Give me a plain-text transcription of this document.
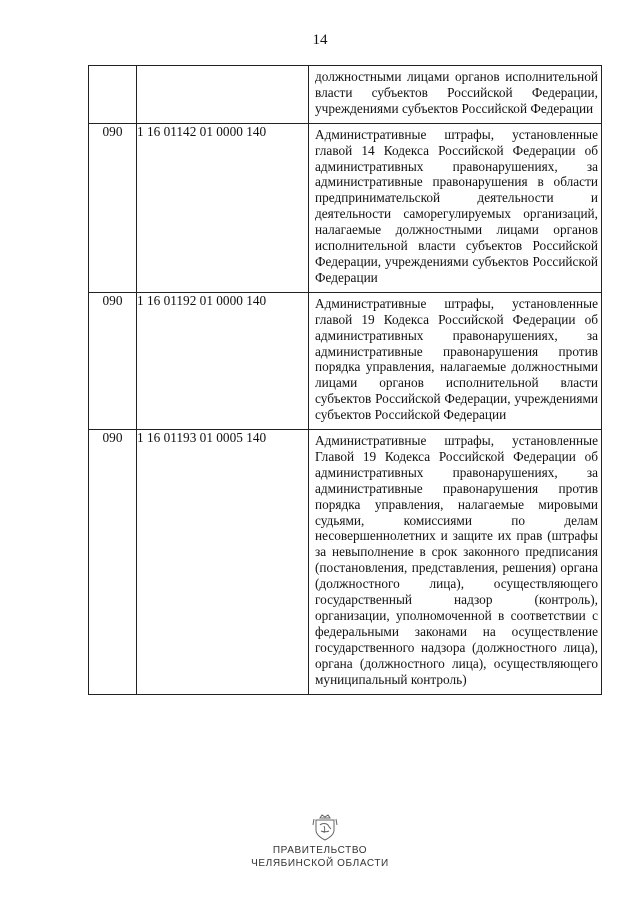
14
		должностными лицами органов исполнительной власти субъектов Российской Федерации, учреждениями субъектов Российской Федерации
090	1 16 01142 01 0000 140	Административные штрафы, установленные главой 14 Кодекса Российской Федерации об административных правонарушениях, за административные правонарушения в области предпринимательской деятельности и деятельности саморегулируемых организаций, налагаемые должностными лицами органов исполнительной власти субъектов Российской Федерации, учреждениями субъектов Российской Федерации
090	1 16 01192 01 0000 140	Административные штрафы, установленные главой 19 Кодекса Российской Федерации об административных правонарушениях, за административные правонарушения против порядка управления, налагаемые должностными лицами органов исполнительной власти субъектов Российской Федерации, учреждениями субъектов Российской Федерации
090	1 16 01193 01 0005 140	Административные штрафы, установленные Главой 19 Кодекса Российской Федерации об административных правонарушениях, за административные правонарушения против порядка управления, налагаемые мировыми судьями, комиссиями по делам несовершеннолетних и защите их прав (штрафы за невыполнение в срок законного предписания (постановления, представления, решения) органа (должностного лица), осуществляющего государственный надзор (контроль), организации, уполномоченной в соответствии с федеральными законами на осуществление государственного надзора (должностного лица), органа (должностного лица), осуществляющего муниципальный контроль)
ПРАВИТЕЛЬСТВО
ЧЕЛЯБИНСКОЙ ОБЛАСТИ
